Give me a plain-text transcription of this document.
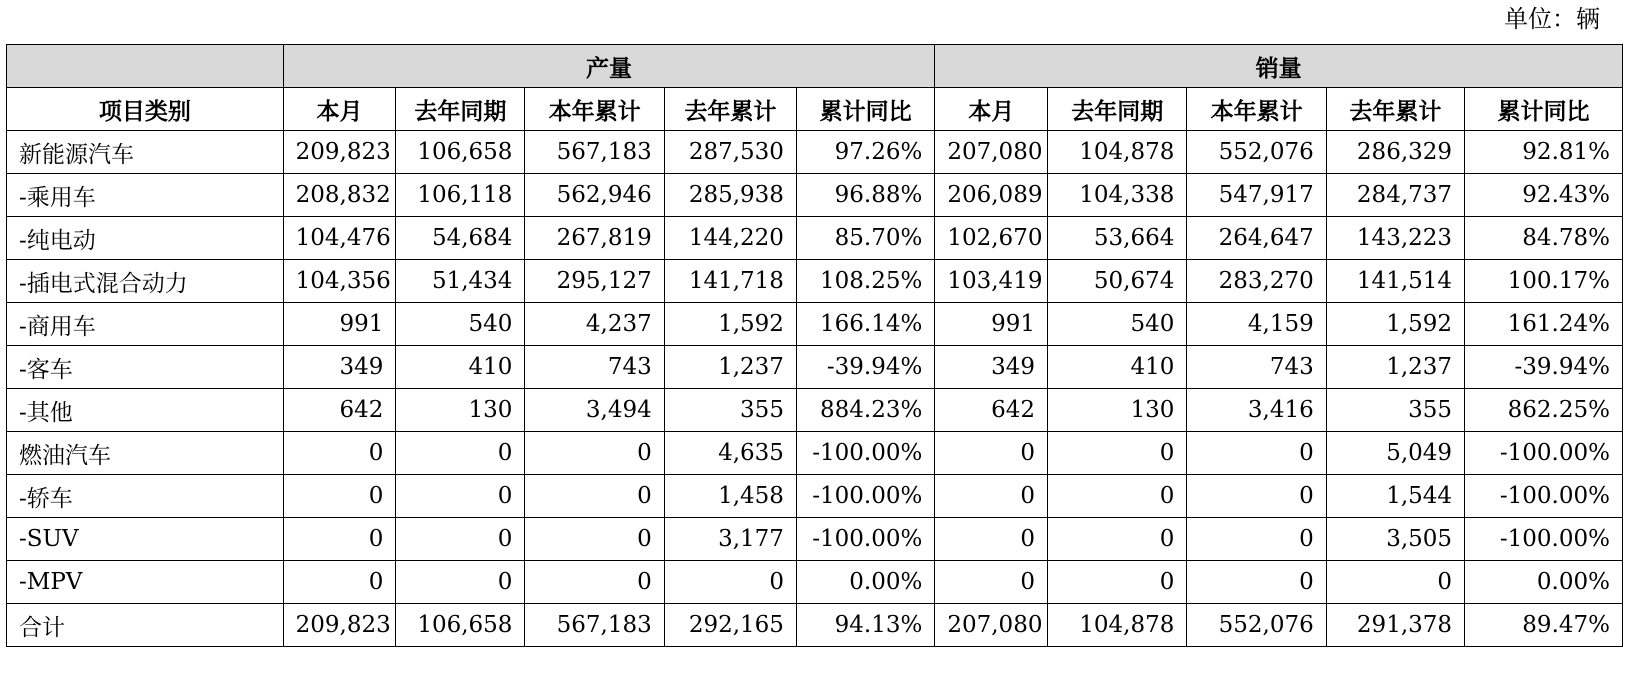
单位：辆
	产量					销量				
项目类别	本月	去年同期	本年累计	去年累计	累计同比	本月	去年同期	本年累计	去年累计	累计同比
新能源汽车	209,823	106,658	567,183	287,530	97.26%	207,080	104,878	552,076	286,329	92.81%
-乘用车	208,832	106,118	562,946	285,938	96.88%	206,089	104,338	547,917	284,737	92.43%
-纯电动	104,476	54,684	267,819	144,220	85.70%	102,670	53,664	264,647	143,223	84.78%
-插电式混合动力	104,356	51,434	295,127	141,718	108.25%	103,419	50,674	283,270	141,514	100.17%
-商用车	991	540	4,237	1,592	166.14%	991	540	4,159	1,592	161.24%
-客车	349	410	743	1,237	-39.94%	349	410	743	1,237	-39.94%
-其他	642	130	3,494	355	884.23%	642	130	3,416	355	862.25%
燃油汽车	0	0	0	4,635	-100.00%	0	0	0	5,049	-100.00%
-轿车	0	0	0	1,458	-100.00%	0	0	0	1,544	-100.00%
-SUV	0	0	0	3,177	-100.00%	0	0	0	3,505	-100.00%
-MPV	0	0	0	0	0.00%	0	0	0	0	0.00%
合计	209,823	106,658	567,183	292,165	94.13%	207,080	104,878	552,076	291,378	89.47%
